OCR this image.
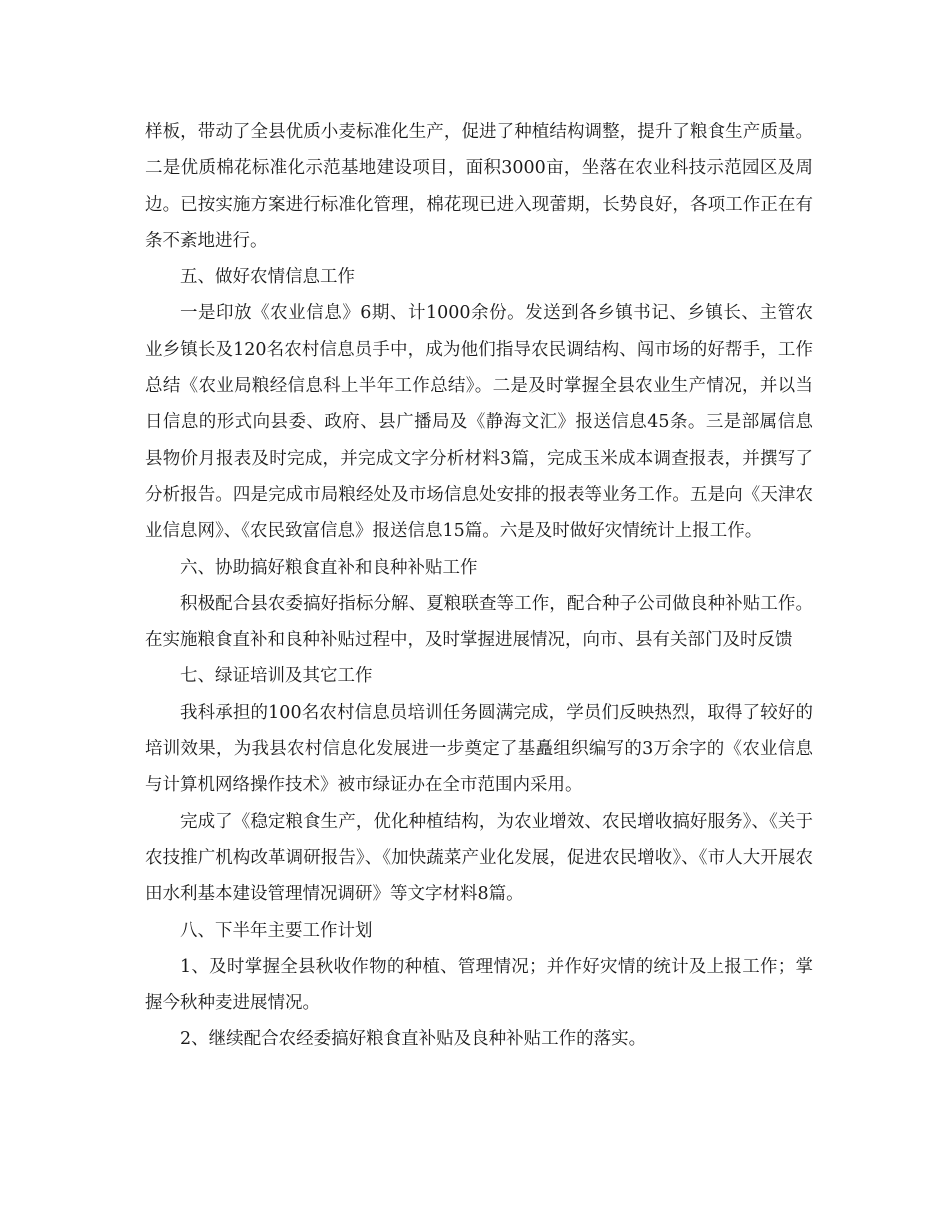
样板，带动了全县优质小麦标准化生产，促进了种植结构调整，提升了粮食生产质量。二是优质棉花标准化示范基地建设项目，面积3000亩，坐落在农业科技示范园区及周边。已按实施方案进行标准化管理，棉花现已进入现蕾期，长势良好，各项工作正在有条不紊地进行。

五、做好农情信息工作

一是印放《农业信息》6期、计1000余份。发送到各乡镇书记、乡镇长、主管农业乡镇长及120名农村信息员手中，成为他们指导农民调结构、闯市场的好帮手，工作总结《农业局粮经信息科上半年工作总结》。二是及时掌握全县农业生产情况，并以当日信息的形式向县委、政府、县广播局及《静海文汇》报送信息45条。三是部属信息县物价月报表及时完成，并完成文字分析材料3篇，完成玉米成本调查报表，并撰写了分析报告。四是完成市局粮经处及市场信息处安排的报表等业务工作。五是向《天津农业信息网》、《农民致富信息》报送信息15篇。六是及时做好灾情统计上报工作。

六、协助搞好粮食直补和良种补贴工作

积极配合县农委搞好指标分解、夏粮联查等工作，配合种子公司做良种补贴工作。在实施粮食直补和良种补贴过程中，及时掌握进展情况，向市、县有关部门及时反馈

七、绿证培训及其它工作

我科承担的100名农村信息员培训任务圆满完成，学员们反映热烈，取得了较好的培训效果，为我县农村信息化发展进一步奠定了基矗组织编写的3万余字的《农业信息与计算机网络操作技术》被市绿证办在全市范围内采用。

完成了《稳定粮食生产，优化种植结构，为农业增效、农民增收搞好服务》、《关于农技推广机构改革调研报告》、《加快蔬菜产业化发展，促进农民增收》、《市人大开展农田水利基本建设管理情况调研》等文字材料8篇。

八、下半年主要工作计划

1、及时掌握全县秋收作物的种植、管理情况；并作好灾情的统计及上报工作；掌握今秋种麦进展情况。

2、继续配合农经委搞好粮食直补贴及良种补贴工作的落实。
